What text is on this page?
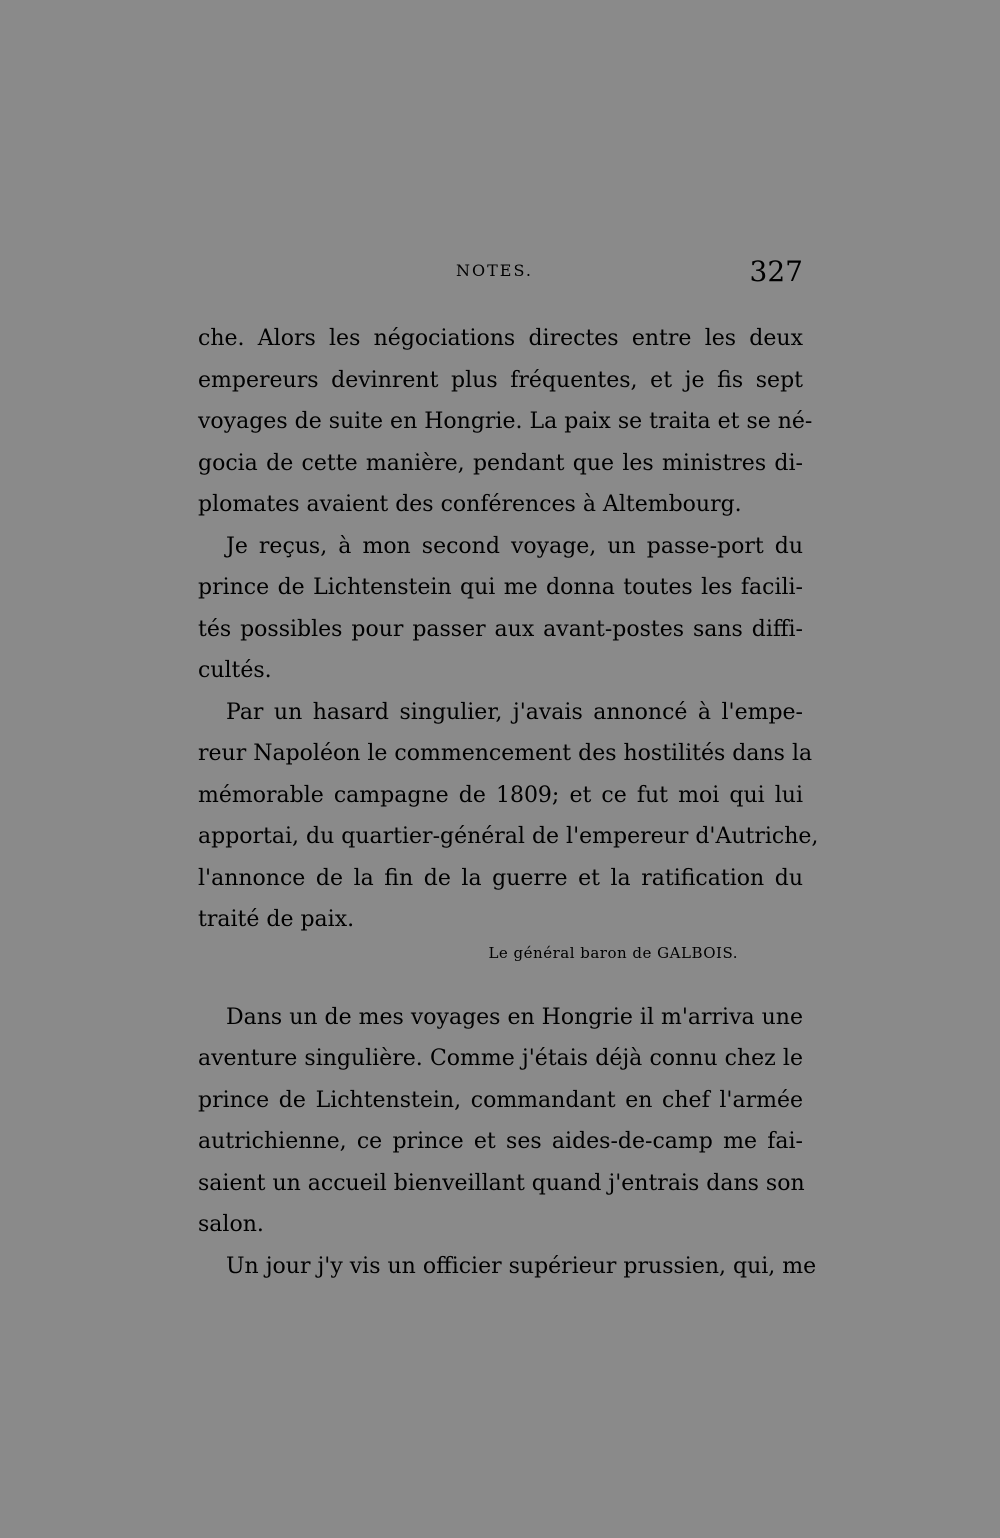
NOTES.	327
che. Alors les négociations directes entre les deux
empereurs devinrent plus fréquentes, et je fis sept
voyages de suite en Hongrie. La paix se traita et se né-
gocia de cette manière, pendant que les ministres di-
plomates avaient des conférences à Altembourg.
Je reçus, à mon second voyage, un passe-port du
prince de Lichtenstein qui me donna toutes les facili-
tés possibles pour passer aux avant-postes sans diffi-
cultés.
Par un hasard singulier, j'avais annoncé à l'empe-
reur Napoléon le commencement des hostilités dans la
mémorable campagne de 1809; et ce fut moi qui lui
apportai, du quartier-général de l'empereur d'Autriche,
l'annonce de la fin de la guerre et la ratification du
traité de paix.
Le général baron de GALBOIS.
Dans un de mes voyages en Hongrie il m'arriva une
aventure singulière. Comme j'étais déjà connu chez le
prince de Lichtenstein, commandant en chef l'armée
autrichienne, ce prince et ses aides-de-camp me fai-
saient un accueil bienveillant quand j'entrais dans son
salon.
Un jour j'y vis un officier supérieur prussien, qui, me
